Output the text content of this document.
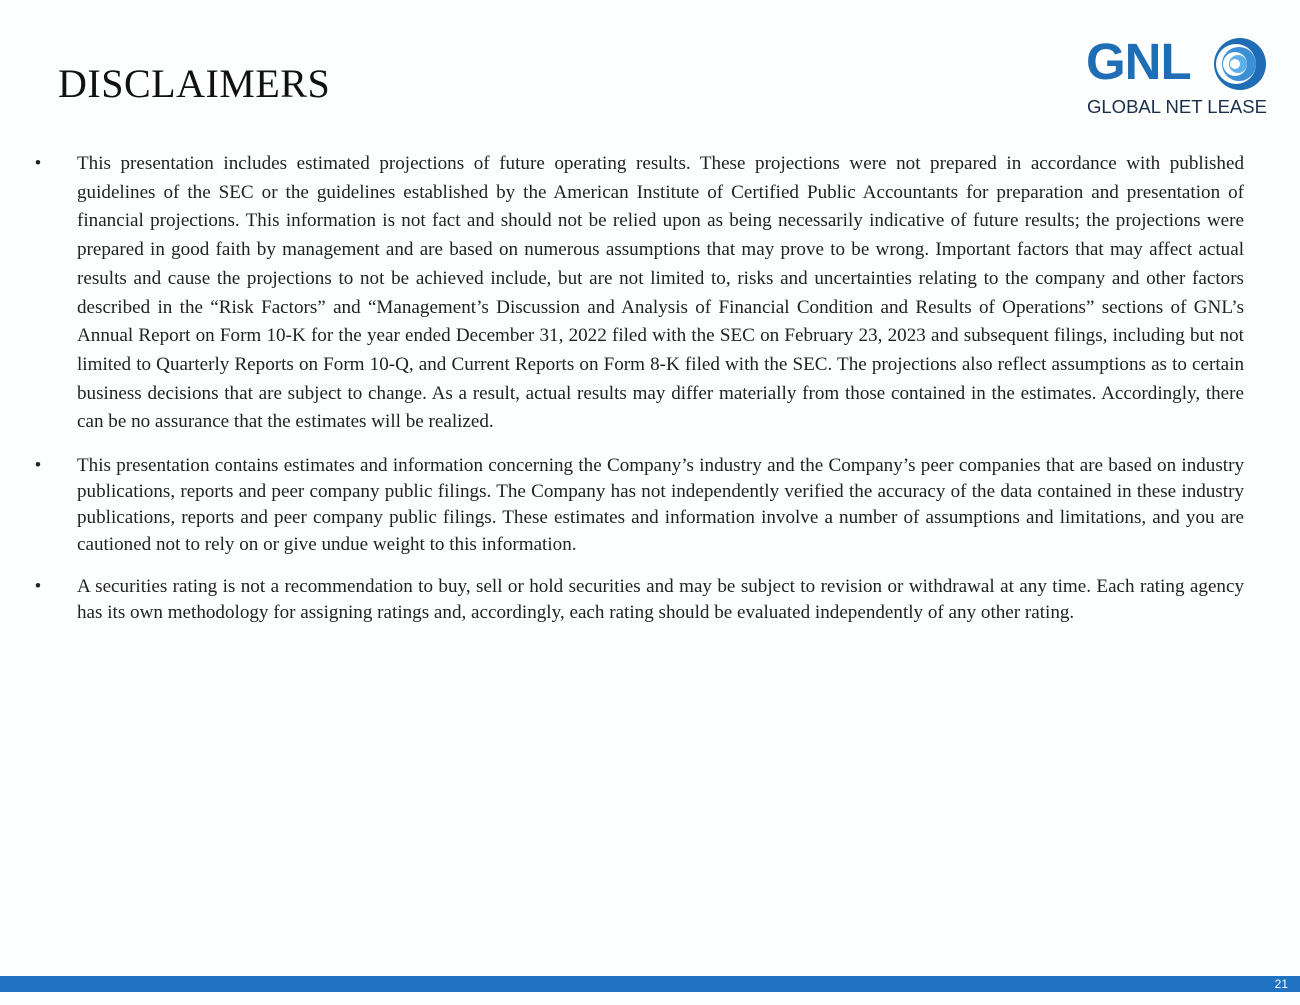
DISCLAIMERS	GNL
GLOBAL NET LEASE
•	This presentation includes estimated projections of future operating results. These projections were not prepared in accordance with published guidelines of the SEC or the guidelines established by the American Institute of Certified Public Accountants for preparation and presentation of financial projections. This information is not fact and should not be relied upon as being necessarily indicative of future results; the projections were prepared in good faith by management and are based on numerous assumptions that may prove to be wrong. Important factors that may affect actual results and cause the projections to not be achieved include, but are not limited to, risks and uncertainties relating to the company and other factors described in the “Risk Factors” and “Management’s Discussion and Analysis of Financial Condition and Results of Operations” sections of GNL’s Annual Report on Form 10-K for the year ended December 31, 2022 filed with the SEC on February 23, 2023 and subsequent filings, including but not limited to Quarterly Reports on Form 10-Q, and Current Reports on Form 8-K filed with the SEC. The projections also reflect assumptions as to certain business decisions that are subject to change. As a result, actual results may differ materially from those contained in the estimates. Accordingly, there can be no assurance that the estimates will be realized.
•	This presentation contains estimates and information concerning the Company’s industry and the Company’s peer companies that are based on industry publications, reports and peer company public filings. The Company has not independently verified the accuracy of the data contained in these industry publications, reports and peer company public filings. These estimates and information involve a number of assumptions and limitations, and you are cautioned not to rely on or give undue weight to this information.
•	A securities rating is not a recommendation to buy, sell or hold securities and may be subject to revision or withdrawal at any time. Each rating agency has its own methodology for assigning ratings and, accordingly, each rating should be evaluated independently of any other rating.
21
